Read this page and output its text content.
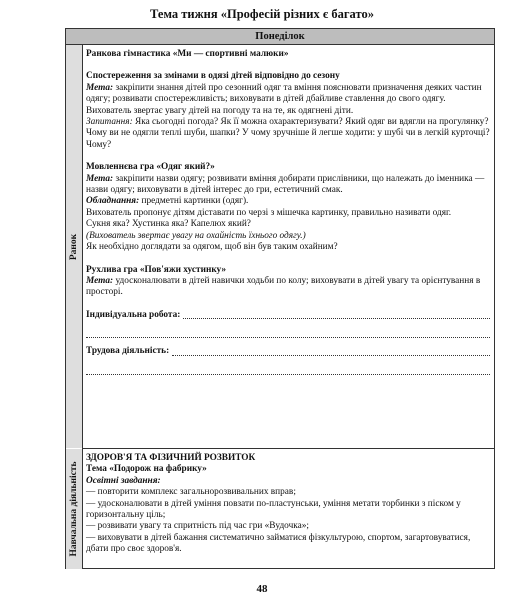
Тема тижня «Професій різних є багато»
Понеділок
Ранок
Навчальна діяльність

Ранкова гімнастика «Ми — спортивні малюки»

Спостереження за змінами в одязі дітей відповідно до сезону

Мета: закріпити знання дітей про сезонний одяг та вміння пояснювати призначення деяких частин одягу; розвивати спостережливість; виховувати в дітей дбайливе ставлення до свого одягу.

Вихователь звертає увагу дітей на погоду та на те, як одягнені діти.

Запитання: Яка сьогодні погода? Як її можна охарактеризувати? Який одяг ви вдягли на прогулянку? Чому ви не одягли теплі шуби, шапки? У чому зручніше й легше ходити: у шубі чи в легкій курточці? Чому?

Мовленнєва гра «Одяг який?»

Мета: закріпити назви одягу; розвивати вміння добирати прислівники, що належать до іменника — назви одягу; виховувати в дітей інтерес до гри, естетичний смак.

Обладнання: предметні картинки (одяг).

Вихователь пропонує дітям діставати по черзі з мішечка картинку, правильно називати одяг.

Сукня яка? Хустинка яка? Капелюх який?

(Вихователь звертає увагу на охайність їхнього одягу.)

Як необхідно доглядати за одягом, щоб він був таким охайним?

Рухлива гра «Пов'яжи хустинку»

Мета: удосконалювати в дітей навички ходьби по колу; виховувати в дітей увагу та орієнтування в просторі.

Індивідуальна робота:
Трудова діяльність:

ЗДОРОВ'Я ТА ФІЗИЧНИЙ РОЗВИТОК

Тема «Подорож на фабрику»

Освітні завдання:

— повторити комплекс загальнорозвивальних вправ;

— удосконалювати в дітей уміння повзати по-пластунськи, уміння метати торбинки з піском у горизонтальну ціль;

— розвивати увагу та спритність під час гри «Вудочка»;

— виховувати в дітей бажання систематично займатися фізкультурою, спортом, загартовуватися, дбати про своє здоров'я.

48
